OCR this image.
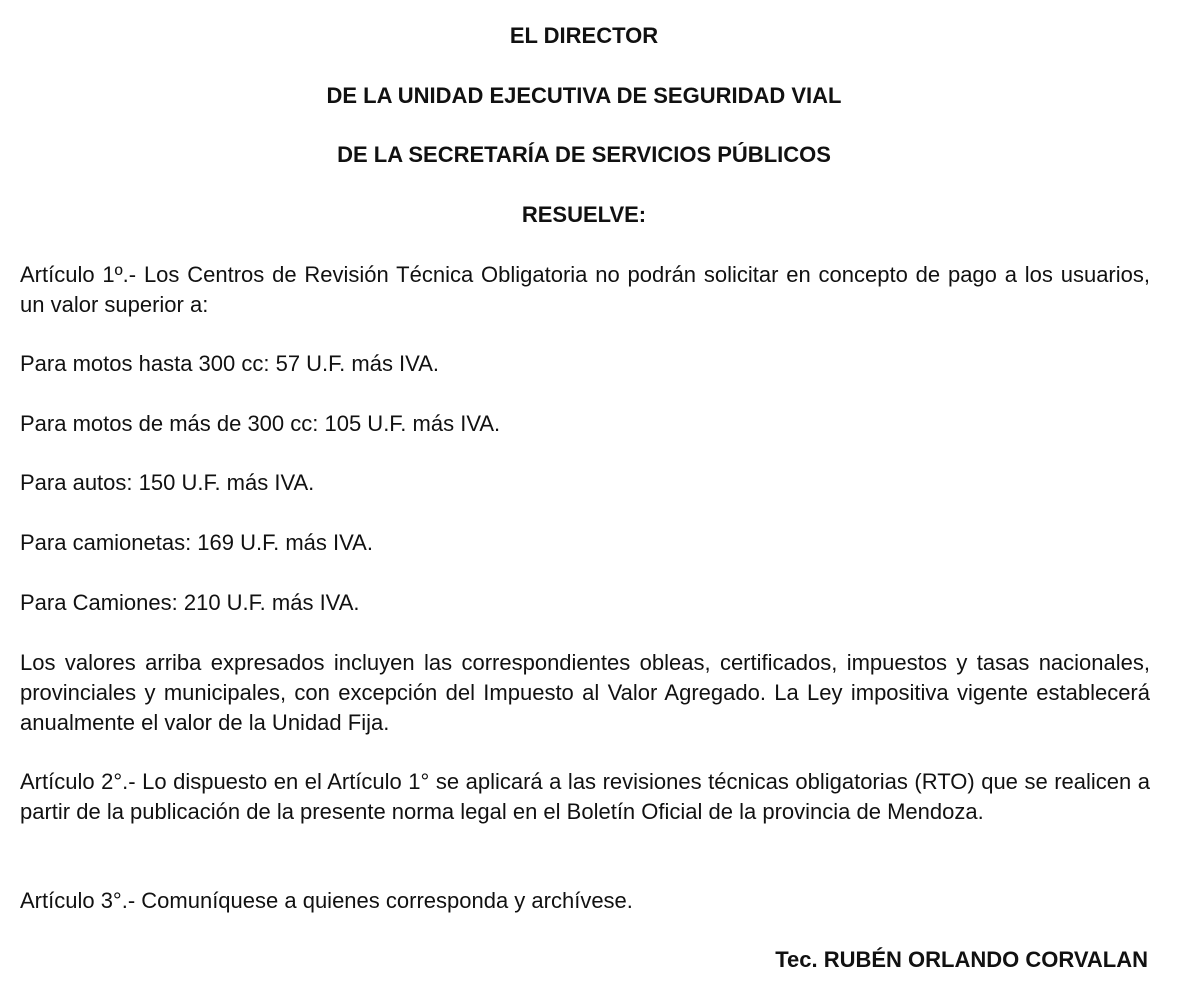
EL DIRECTOR
DE LA UNIDAD EJECUTIVA DE SEGURIDAD VIAL
DE LA SECRETARÍA DE SERVICIOS PÚBLICOS
RESUELVE:
Artículo 1º.- Los Centros de Revisión Técnica Obligatoria no podrán solicitar en concepto de pago a los usuarios, un valor superior a:
Para motos hasta 300 cc: 57 U.F. más IVA.
Para motos de más de 300 cc: 105 U.F. más IVA.
Para autos: 150 U.F. más IVA.
Para camionetas: 169 U.F. más IVA.
Para Camiones: 210 U.F. más IVA.
Los valores arriba expresados incluyen las correspondientes obleas, certificados, impuestos y tasas nacionales, provinciales y municipales, con excepción del Impuesto al Valor Agregado. La Ley impositiva vigente establecerá anualmente el valor de la Unidad Fija.
Artículo 2°.- Lo dispuesto en el Artículo 1° se aplicará a las revisiones técnicas obligatorias (RTO) que se realicen a partir de la publicación de la presente norma legal en el Boletín Oficial de la provincia de Mendoza.
Artículo 3°.- Comuníquese a quienes corresponda y archívese.
Tec. RUBÉN ORLANDO CORVALAN
